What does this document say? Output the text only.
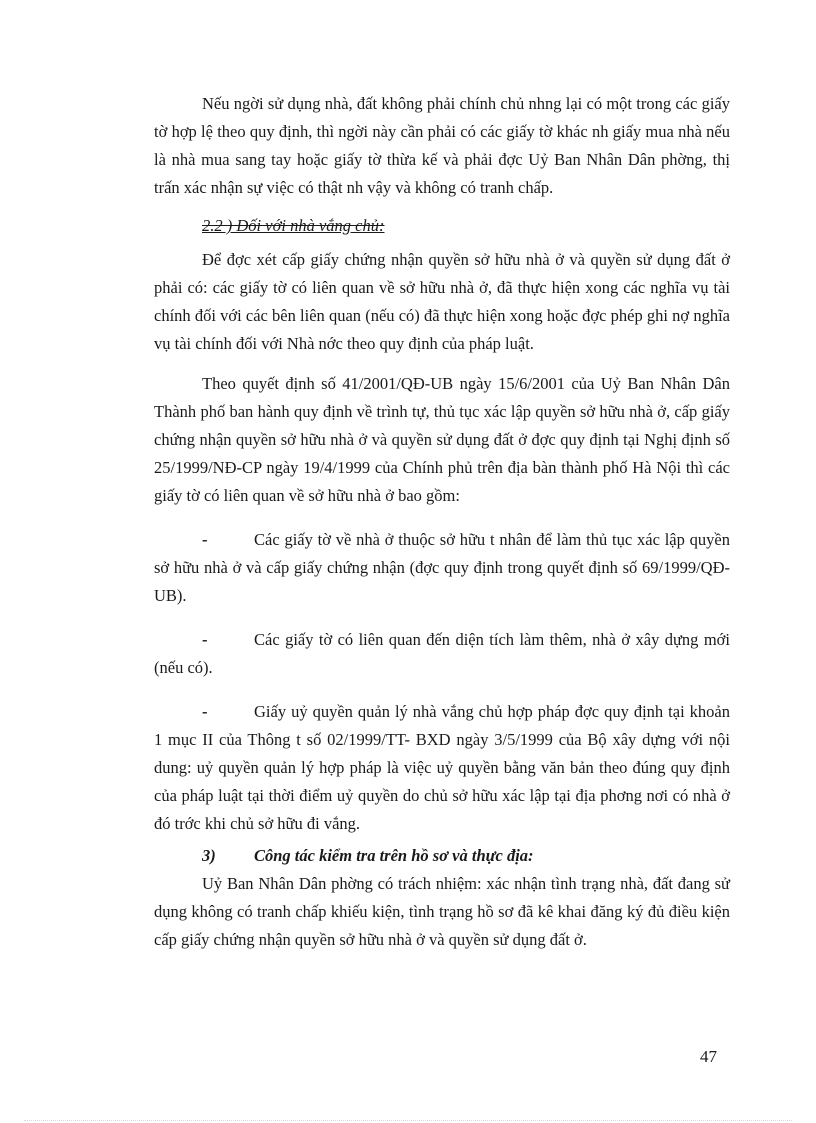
Nếu ngời sử dụng nhà, đất không phải chính chủ nhng lại có một trong các giấy tờ hợp lệ theo quy định, thì ngời này cần phải có các giấy tờ khác nh giấy mua nhà nếu là nhà mua sang tay hoặc giấy tờ thừa kế và phải đợc Uỷ Ban Nhân Dân phờng, thị trấn xác nhận sự việc có thật nh vậy và không có tranh chấp.

2.2 ) Đối với nhà vắng chủ:

Để đợc xét cấp giấy chứng nhận quyền sở hữu nhà ở và quyền sử dụng đất ở phải có: các giấy tờ có liên quan về sở hữu nhà ở, đã thực hiện xong các nghĩa vụ tài chính đối với các bên liên quan (nếu có) đã thực hiện xong hoặc đợc phép ghi nợ nghĩa vụ tài chính đối với Nhà nớc theo quy định của pháp luật.

Theo quyết định số 41/2001/QĐ-UB ngày 15/6/2001 của Uỷ Ban Nhân Dân Thành phố ban hành quy định về trình tự, thủ tục xác lập quyền sở hữu nhà ở, cấp giấy chứng nhận quyền sở hữu nhà ở và quyền sử dụng đất ở đợc quy định tại Nghị định số 25/1999/NĐ-CP ngày 19/4/1999 của Chính phủ trên địa bàn thành phố Hà Nội thì các giấy tờ có liên quan về sở hữu nhà ở bao gồm:

-	Các giấy tờ về nhà ở thuộc sở hữu t nhân để làm thủ tục xác lập quyền sở hữu nhà ở và cấp giấy chứng nhận (đợc quy định trong quyết định số 69/1999/QĐ- UB).

-	Các giấy tờ có liên quan đến diện tích làm thêm, nhà ở xây dựng mới (nếu có).

-	Giấy uỷ quyền quản lý nhà vắng chủ hợp pháp đợc quy định tại khoản 1 mục II của Thông t số 02/1999/TT- BXD ngày 3/5/1999 của Bộ xây dựng với nội dung: uỷ quyền quản lý hợp pháp là việc uỷ quyền bằng văn bản theo đúng quy định của pháp luật tại thời điểm uỷ quyền do chủ sở hữu xác lập tại địa phơng nơi có nhà ở đó trớc khi chủ sở hữu đi vắng.

3) Công tác kiểm tra trên hồ sơ và thực địa:

Uỷ Ban Nhân Dân phờng có trách nhiệm: xác nhận tình trạng nhà, đất đang sử dụng không có tranh chấp khiếu kiện, tình trạng hồ sơ đã kê khai đăng ký đủ điều kiện cấp giấy chứng nhận quyền sở hữu nhà ở và quyền sử dụng đất ở.

47
